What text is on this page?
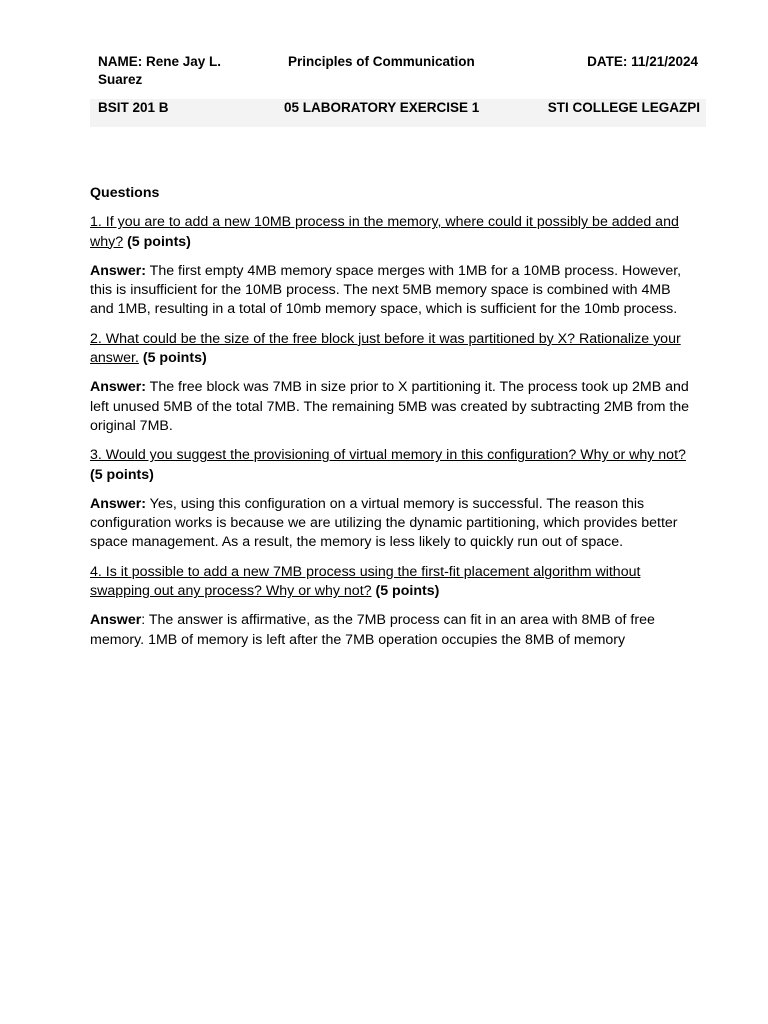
NAME: Rene Jay L. Suarez
Principles of Communication	DATE: 11/21/2024
BSIT 201 B	05 LABORATORY EXERCISE 1	STI COLLEGE LEGAZPI
Questions
1. If you are to add a new 10MB process in the memory, where could it possibly be added and why? (5 points)
Answer: The first empty 4MB memory space merges with 1MB for a 10MB process. However, this is insufficient for the 10MB process. The next 5MB memory space is combined with 4MB and 1MB, resulting in a total of 10mb memory space, which is sufficient for the 10mb process.
2. What could be the size of the free block just before it was partitioned by X? Rationalize your answer. (5 points)
Answer: The free block was 7MB in size prior to X partitioning it. The process took up 2MB and left unused 5MB of the total 7MB. The remaining 5MB was created by subtracting 2MB from the original 7MB.
3. Would you suggest the provisioning of virtual memory in this configuration? Why or why not?(5 points)
Answer: Yes, using this configuration on a virtual memory is successful. The reason this configuration works is because we are utilizing the dynamic partitioning, which provides better space management. As a result, the memory is less likely to quickly run out of space.
4. Is it possible to add a new 7MB process using the first-fit placement algorithm without swapping out any process? Why or why not? (5 points)
Answer: The answer is affirmative, as the 7MB process can fit in an area with 8MB of free memory. 1MB of memory is left after the 7MB operation occupies the 8MB of memory
